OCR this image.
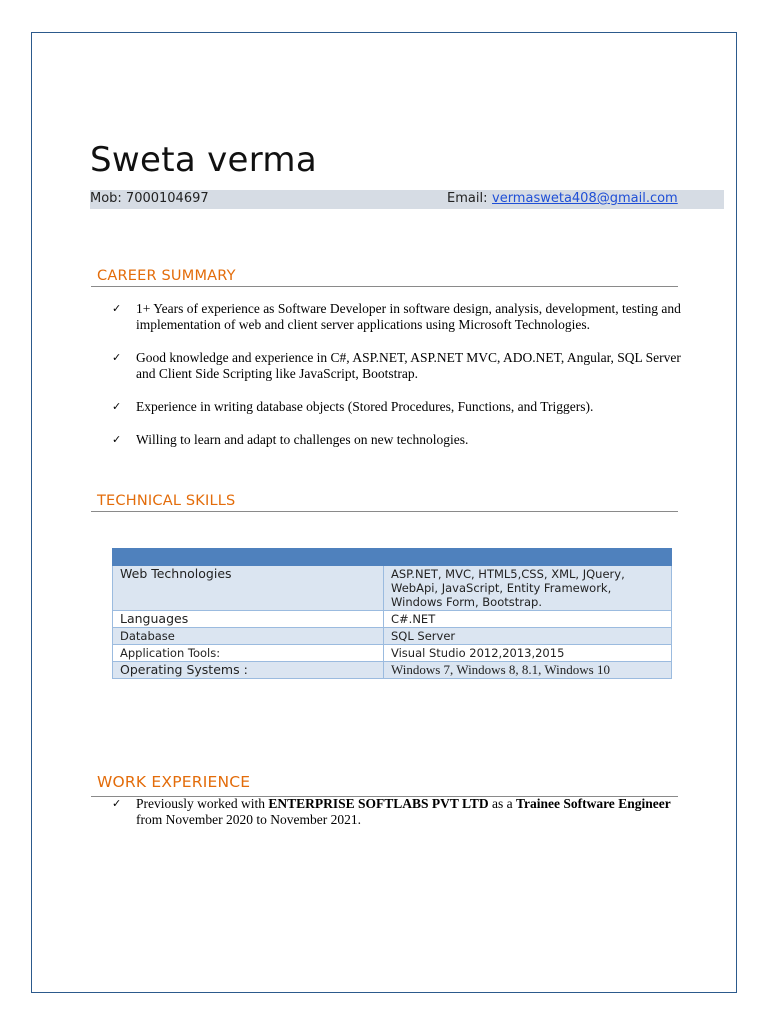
Sweta verma
Mob: 7000104697	Email: vermasweta408@gmail.com
CAREER SUMMARY

✓ 1+ Years of experience as Software Developer in software design, analysis, development, testing and implementation of web and client server applications using Microsoft Technologies.

✓ Good knowledge and experience in C#, ASP.NET, ASP.NET MVC, ADO.NET, Angular, SQL Server and Client Side Scripting like JavaScript, Bootstrap.

✓ Experience in writing database objects (Stored Procedures, Functions, and Triggers).

✓ Willing to learn and adapt to challenges on new technologies.

TECHNICAL SKILLS

Web Technologies	ASP.NET, MVC, HTML5,CSS, XML, JQuery, WebApi, JavaScript, Entity Framework, Windows Form, Bootstrap.
Languages	C#.NET
Database	SQL Server
Application Tools:	Visual Studio 2012,2013,2015
Operating Systems :	Windows 7, Windows 8, 8.1, Windows 10
WORK EXPERIENCE

✓ Previously worked with ENTERPRISE SOFTLABS PVT LTD as a Trainee Software Engineer from November 2020 to November 2021.
